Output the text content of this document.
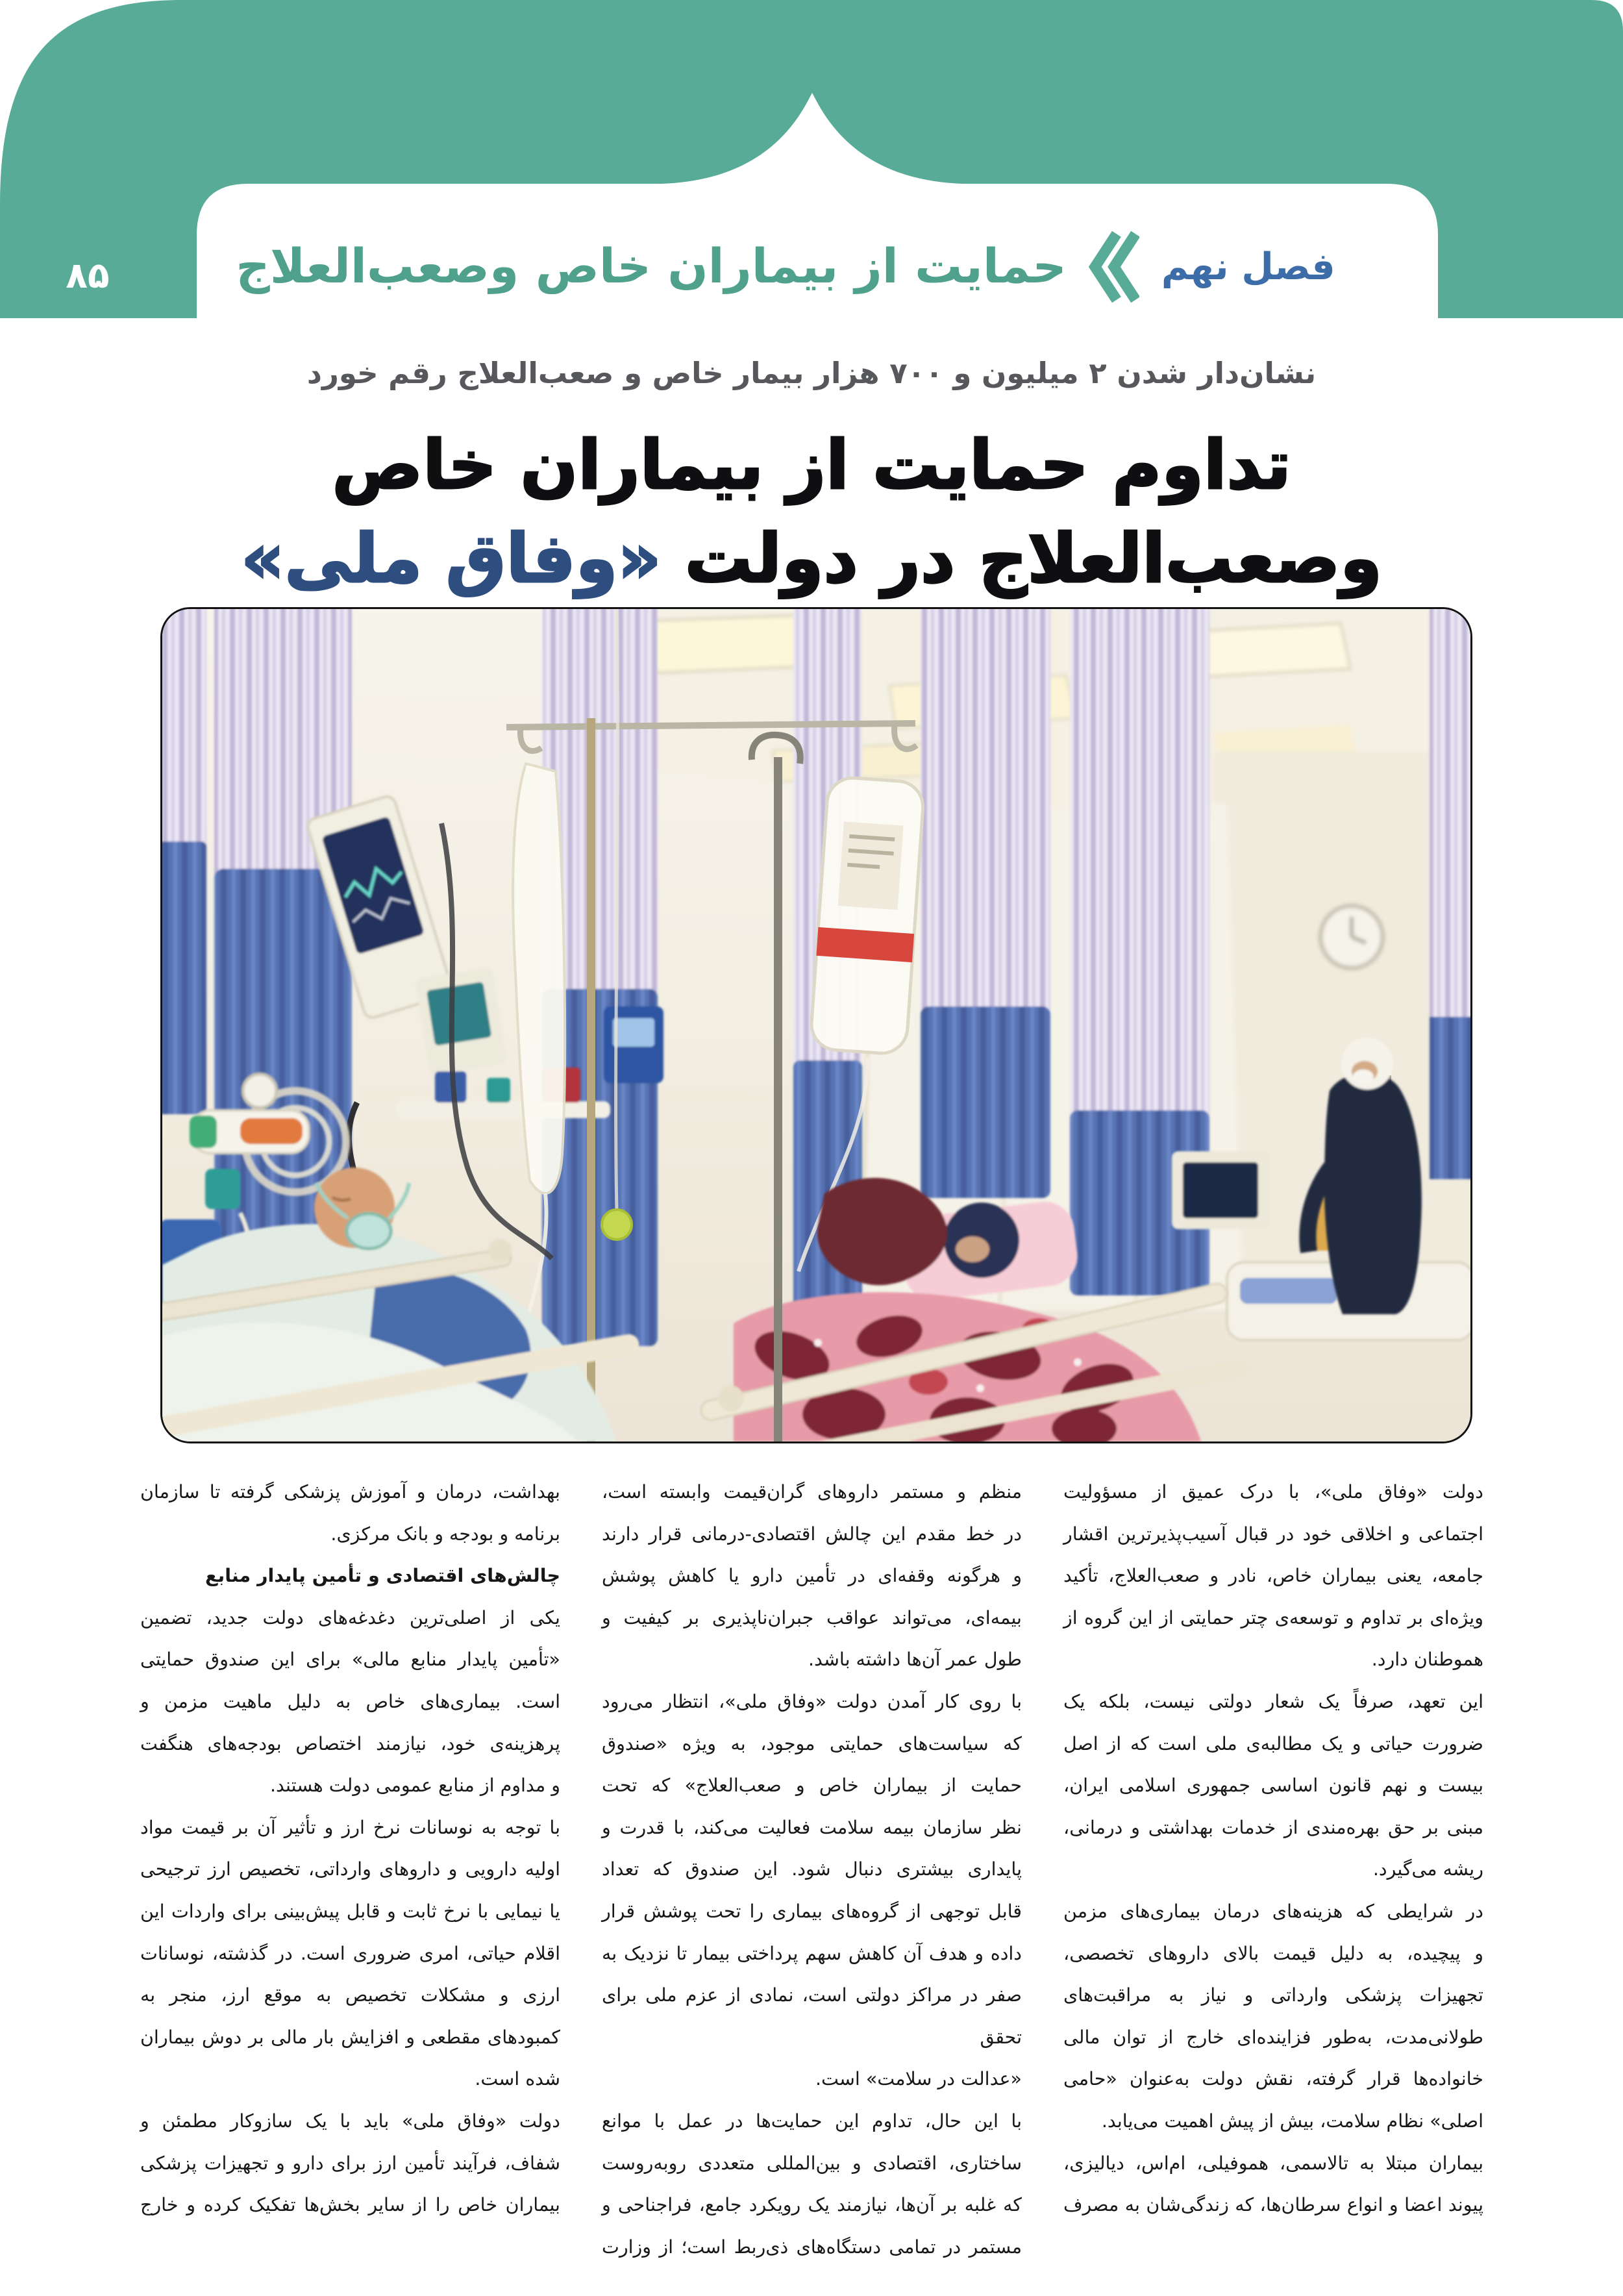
۸۵	حمایت از بیماران خاص وصعب‌العلاج	فصل نهم
نشان‌دار شدن ۲ میلیون و ۷۰۰ هزار بیمار خاص و صعب‌العلاج رقم خورد
تداوم حمایت از بیماران خاص
وصعب‌العلاج در دولت «وفاق ملی»

دولت «وفاق ملی»، با درک عمیق از مسؤولیت

اجتماعی و اخلاقی خود در قبال آسیب‌پذیرترین اقشار

جامعه، یعنی بیماران خاص، نادر و صعب‌العلاج، تأکید

ویژه‌ای بر تداوم و توسعه‌ی چتر حمایتی از این گروه از

هموطنان دارد.

این تعهد، صرفاً یک شعار دولتی نیست، بلکه یک

ضرورت حیاتی و یک مطالبه‌ی ملی است که از اصل

بیست و نهم قانون اساسی جمهوری اسلامی ایران،

مبنی بر حق بهره‌مندی از خدمات بهداشتی و درمانی،

ریشه می‌گیرد.

در شرایطی که هزینه‌های درمان بیماری‌های مزمن

و پیچیده، به دلیل قیمت بالای داروهای تخصصی،

تجهیزات پزشکی وارداتی و نیاز به مراقبت‌های

طولانی‌مدت، به‌طور فزاینده‌ای خارج از توان مالی

خانواده‌ها قرار گرفته، نقش دولت به‌عنوان «حامی

اصلی» نظام سلامت، بیش از پیش اهمیت می‌یابد.

بیماران مبتلا به تالاسمی، هموفیلی، ام‌اس، دیالیزی،

پیوند اعضا و انواع سرطان‌ها، که زندگی‌شان به مصرف

منظم و مستمر داروهای گران‌قیمت وابسته است،

در خط مقدم این چالش اقتصادی-درمانی قرار دارند

و هرگونه وقفه‌ای در تأمین دارو یا کاهش پوشش

بیمه‌ای، می‌تواند عواقب جبران‌ناپذیری بر کیفیت و

طول عمر آن‌ها داشته باشد.

با روی کار آمدن دولت «وفاق ملی»، انتظار می‌رود

که سیاست‌های حمایتی موجود، به ویژه «صندوق

حمایت از بیماران خاص و صعب‌العلاج» که تحت

نظر سازمان بیمه سلامت فعالیت می‌کند، با قدرت و

پایداری بیشتری دنبال شود. این صندوق که تعداد

قابل توجهی از گروه‌های بیماری را تحت پوشش قرار

داده و هدف آن کاهش سهم پرداختی بیمار تا نزدیک به

صفر در مراکز دولتی است، نمادی از عزم ملی برای تحقق

«عدالت در سلامت» است.

با این حال، تداوم این حمایت‌ها در عمل با موانع

ساختاری، اقتصادی و بین‌المللی متعددی روبه‌روست

که غلبه بر آن‌ها، نیازمند یک رویکرد جامع، فراجناحی و

مستمر در تمامی دستگاه‌های ذی‌ربط است؛ از وزارت

بهداشت، درمان و آموزش پزشکی گرفته تا سازمان

برنامه و بودجه و بانک مرکزی.

چالش‌های اقتصادی و تأمین پایدار منابع

یکی از اصلی‌ترین دغدغه‌های دولت جدید، تضمین

«تأمین پایدار منابع مالی» برای این صندوق حمایتی

است. بیماری‌های خاص به دلیل ماهیت مزمن و

پرهزینه‌ی خود، نیازمند اختصاص بودجه‌های هنگفت

و مداوم از منابع عمومی دولت هستند.

با توجه به نوسانات نرخ ارز و تأثیر آن بر قیمت مواد

اولیه دارویی و داروهای وارداتی، تخصیص ارز ترجیحی

یا نیمایی با نرخ ثابت و قابل پیش‌بینی برای واردات این

اقلام حیاتی، امری ضروری است. در گذشته، نوسانات

ارزی و مشکلات تخصیص به موقع ارز، منجر به

کمبودهای مقطعی و افزایش بار مالی بر دوش بیماران

شده است.

دولت «وفاق ملی» باید با یک سازوکار مطمئن و

شفاف، فرآیند تأمین ارز برای دارو و تجهیزات پزشکی

بیماران خاص را از سایر بخش‌ها تفکیک کرده و خارج
